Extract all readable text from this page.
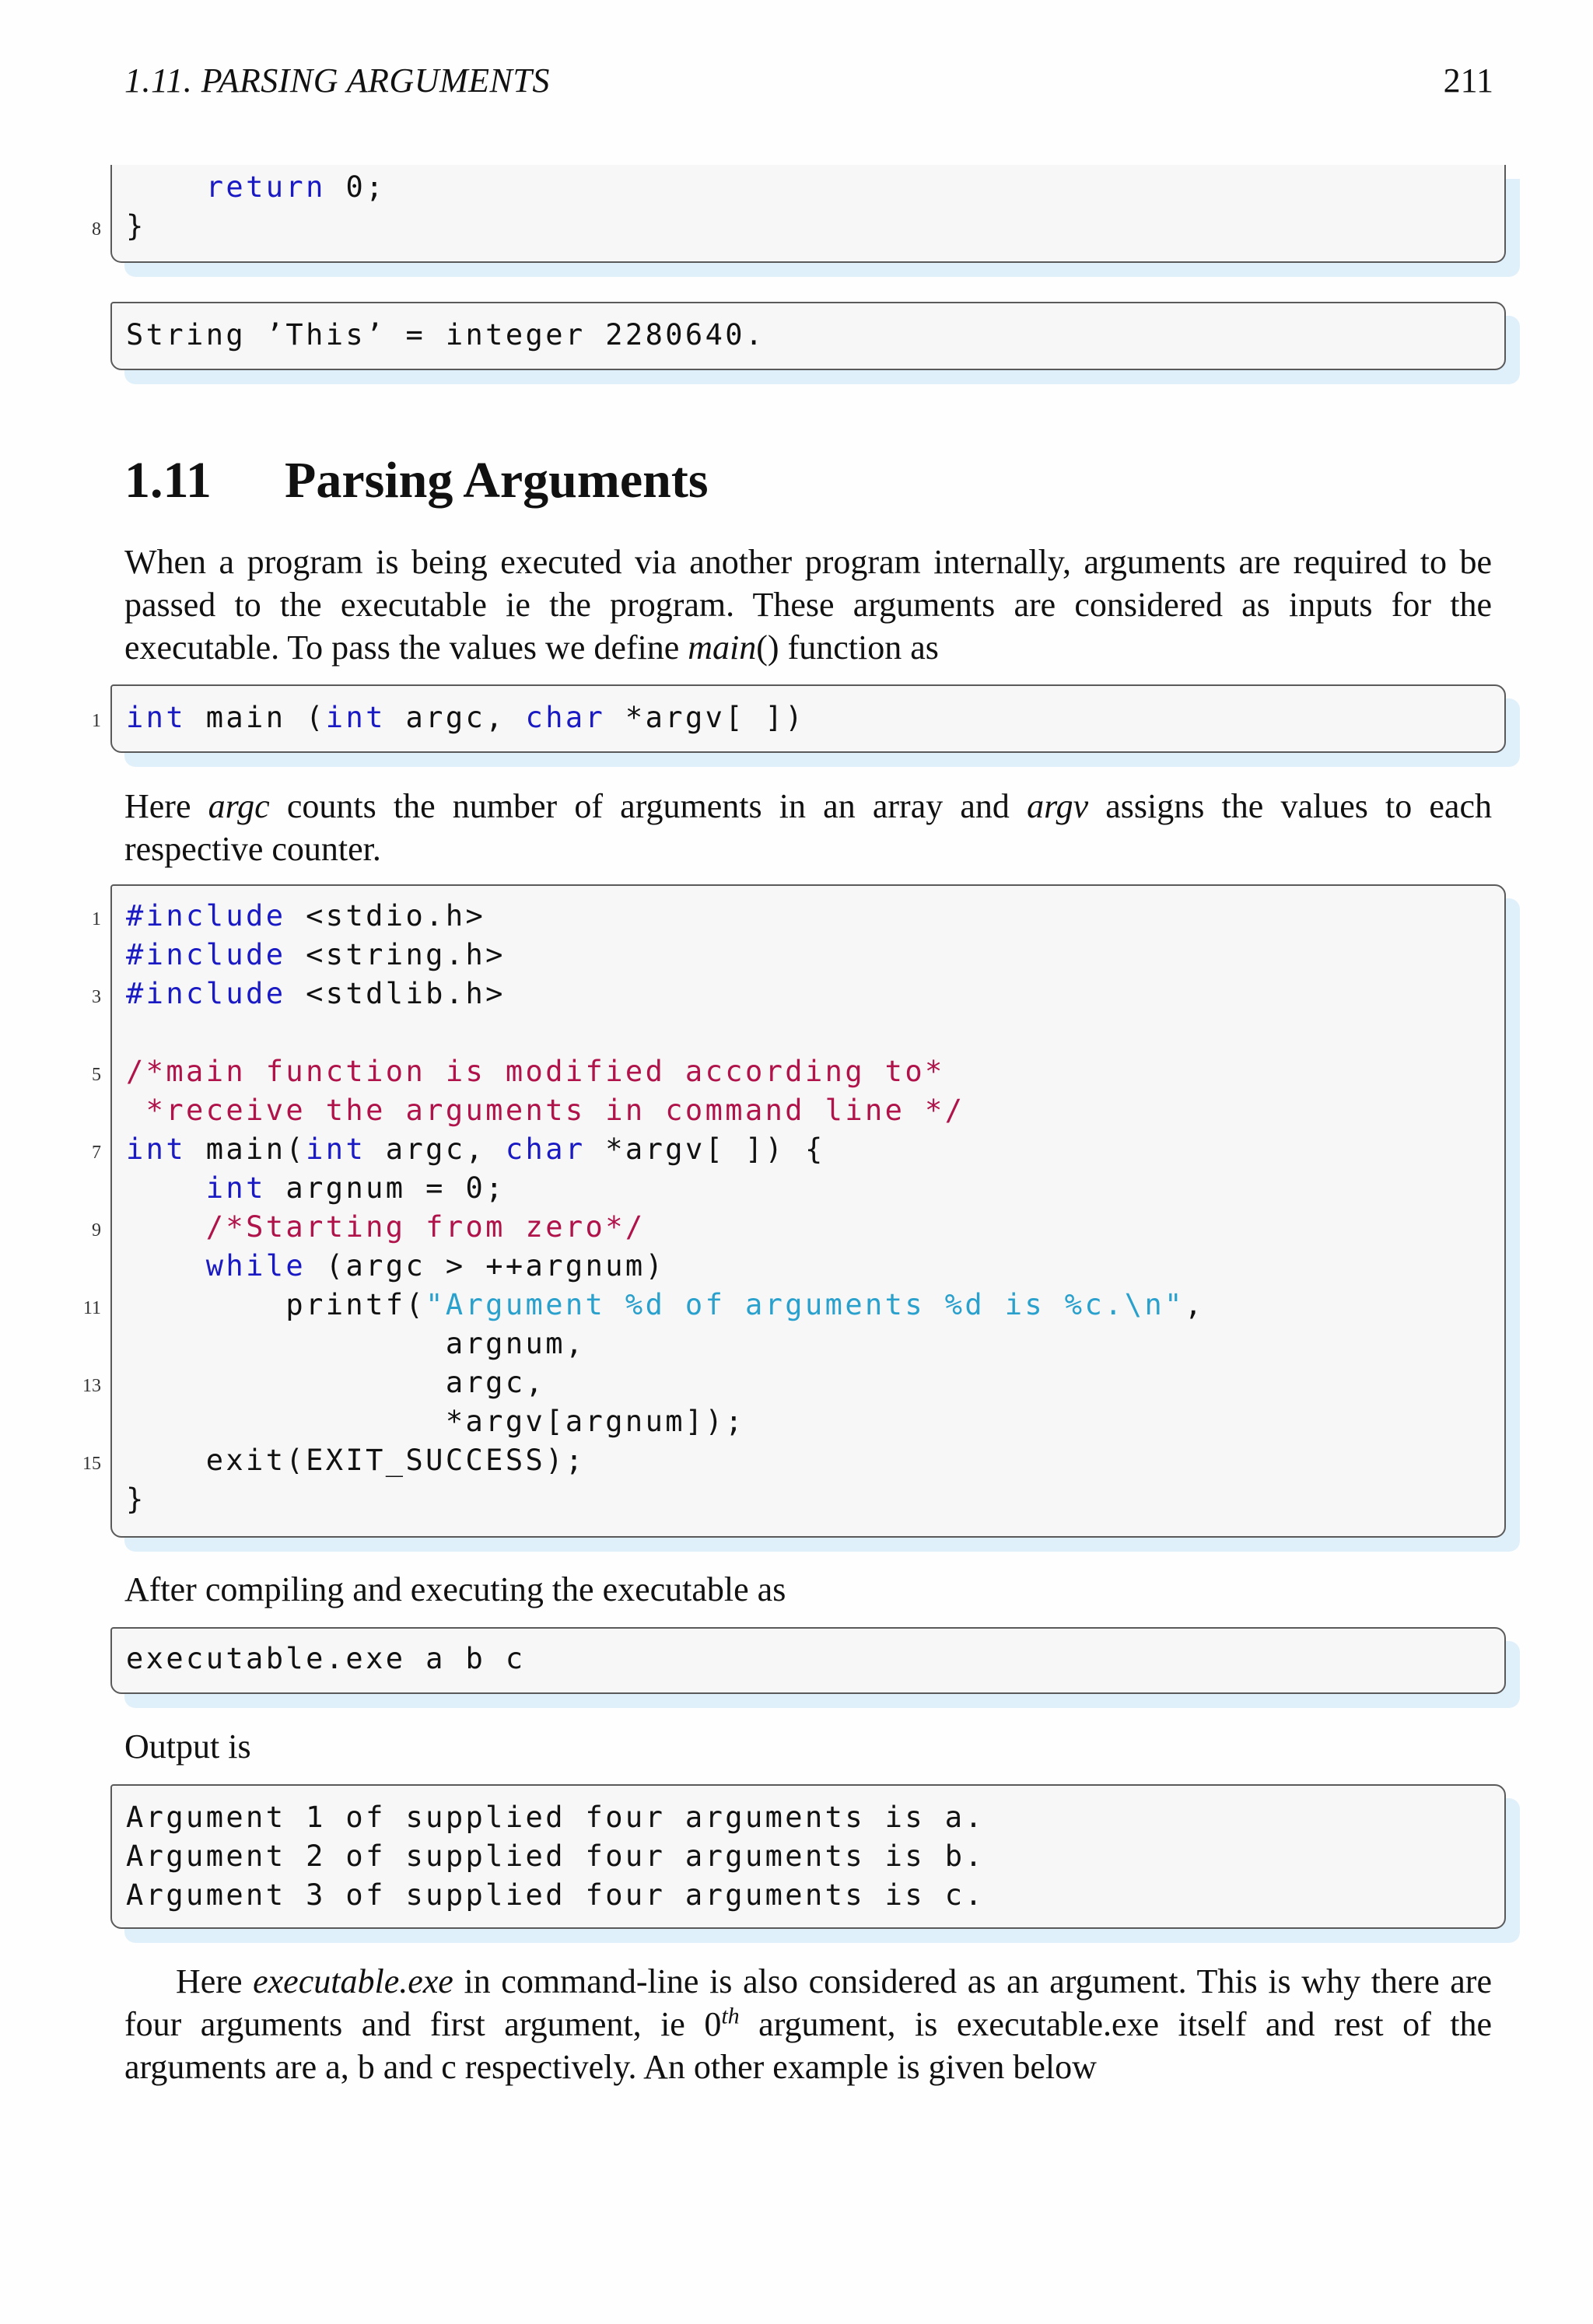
1.11. PARSING ARGUMENTS	211
return 0;
8 }
String ’This’ = integer 2280640.
1.11 Parsing Arguments
When a program is being executed via another program internally, arguments are required to be passed to the executable ie the program. These arguments are considered as inputs for the executable. To pass the values we define main() function as
1 int main (int argc, char *argv[ ])
Here argc counts the number of arguments in an array and argv assigns the values to each respective counter.
1 #include <stdio.h>
#include <string.h>
3 #include <stdlib.h>

5 /*main function is modified according to*
*receive the arguments in command line */
7 int main(int argc, char *argv[ ]) {
int argnum = 0;
9	/*Starting from zero*/
while (argc > ++argnum)
11 printf("Argument %d of arguments %d is %c.\n",
argnum,
13 argc,
*argv[argnum]);
15 exit(EXIT_SUCCESS);
}
After compiling and executing the executable as
executable.exe a b c
Output is
Argument 1 of supplied four arguments is a.
Argument 2 of supplied four arguments is b.
Argument 3 of supplied four arguments is c.
Here executable.exe in command-line is also considered as an argument. This is why there are four arguments and first argument, ie 0th argument, is executable.exe itself and rest of the arguments are a, b and c respectively. An other example is given below
